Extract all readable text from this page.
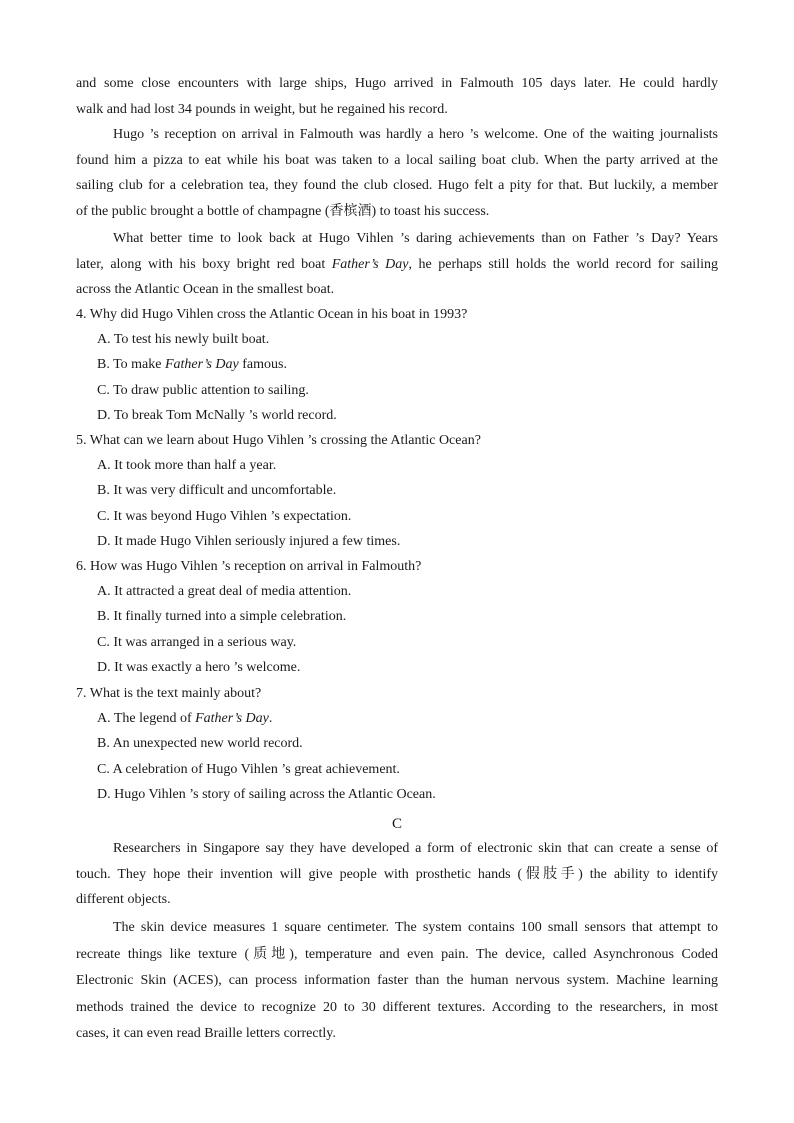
and some close encounters with large ships, Hugo arrived in Falmouth 105 days later. He could hardly
walk and had lost 34 pounds in weight, but he regained his record.
Hugo ’s reception on arrival in Falmouth was hardly a hero ’s welcome. One of the waiting journalists
found him a pizza to eat while his boat was taken to a local sailing boat club. When the party arrived at the
sailing club for a celebration tea, they found the club closed. Hugo felt a pity for that. But luckily, a member
of the public brought a bottle of champagne (香槟酒) to toast his success.
What better time to look back at Hugo Vihlen ’s daring achievements than on Father ’s Day? Years
later, along with his boxy bright red boat Father’s Day, he perhaps still holds the world record for sailing
across the Atlantic Ocean in the smallest boat.
4. Why did Hugo Vihlen cross the Atlantic Ocean in his boat in 1993?
A. To test his newly built boat.
B. To make Father’s Day famous.
C. To draw public attention to sailing.
D. To break Tom McNally ’s world record.
5. What can we learn about Hugo Vihlen ’s crossing the Atlantic Ocean?
A. It took more than half a year.
B. It was very difficult and uncomfortable.
C. It was beyond Hugo Vihlen ’s expectation.
D. It made Hugo Vihlen seriously injured a few times.
6. How was Hugo Vihlen ’s reception on arrival in Falmouth?
A. It attracted a great deal of media attention.
B. It finally turned into a simple celebration.
C. It was arranged in a serious way.
D. It was exactly a hero ’s welcome.
7. What is the text mainly about?
A. The legend of Father’s Day.
B. An unexpected new world record.
C. A celebration of Hugo Vihlen ’s great achievement.
D. Hugo Vihlen ’s story of sailing across the Atlantic Ocean.
C
Researchers in Singapore say they have developed a form of electronic skin that can create a sense of
touch. They hope their invention will give people with prosthetic hands (假肢手) the ability to identify
different objects.
The skin device measures 1 square centimeter. The system contains 100 small sensors that attempt to
recreate things like texture (质地), temperature and even pain. The device, called Asynchronous Coded
Electronic Skin (ACES), can process information faster than the human nervous system. Machine learning
methods trained the device to recognize 20 to 30 different textures. According to the researchers, in most
cases, it can even read Braille letters correctly.
